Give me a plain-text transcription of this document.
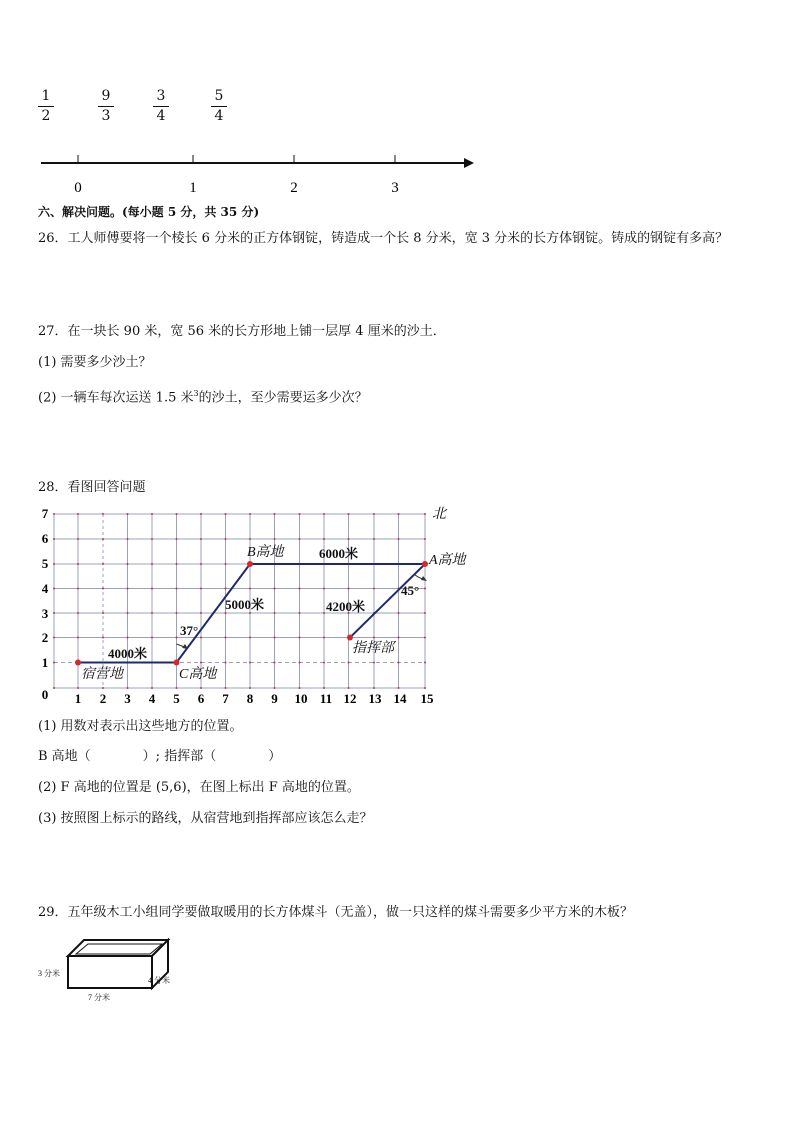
1
2
9
3
3
4
5
4
0	1	2	3
六、解决问题。(每小题 5 分，共 35 分)
26．工人师傅要将一个棱长 6 分米的正方体钢锭，铸造成一个长 8 分米，宽 3 分米的长方体钢锭。铸成的钢锭有多高？
27．在一块长 90 米，宽 56 米的长方形地上铺一层厚 4 厘米的沙土．
(1) 需要多少沙土？
(2) 一辆车每次运送 1.5 米$^3$的沙土，至少需要运多少次？
28．看图回答问题
0 1 2 3 4 5 6 7 8 9 10 11 12 13 14 15
1
2
3
4
5
6
7	北
宿营地	C高地
B高地
A高地
指挥部
4000米
5000米
6000米
4200米
37°
45°
(1) 用数对表示出这些地方的位置。
B 高地（　　　　）; 指挥部（　　　　）
(2) F 高地的位置是 (5,6)，在图上标出 F 高地的位置。
(3) 按照图上标示的路线，从宿营地到指挥部应该怎么走？
29．五年级木工小组同学要做取暖用的长方体煤斗（无盖），做一只这样的煤斗需要多少平方米的木板？
3 分米
4 分米
7 分米
